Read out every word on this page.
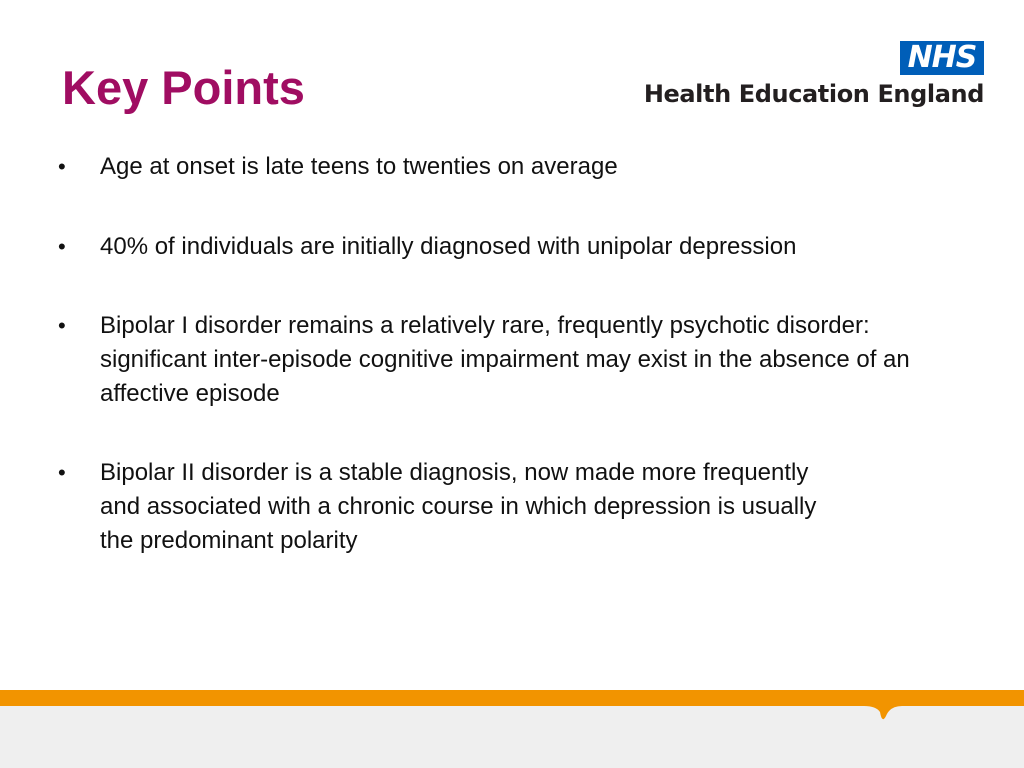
Key Points
NHS
Health Education England
•	Age at onset is late teens to twenties on average
•	40% of individuals are initially diagnosed with unipolar depression
•	Bipolar I disorder remains a relatively rare, frequently psychotic disorder: significant inter-episode cognitive impairment may exist in the absence of an affective episode
•	Bipolar II disorder is a stable diagnosis, now made more frequently and associated with a chronic course in which depression is usually the predominant polarity
